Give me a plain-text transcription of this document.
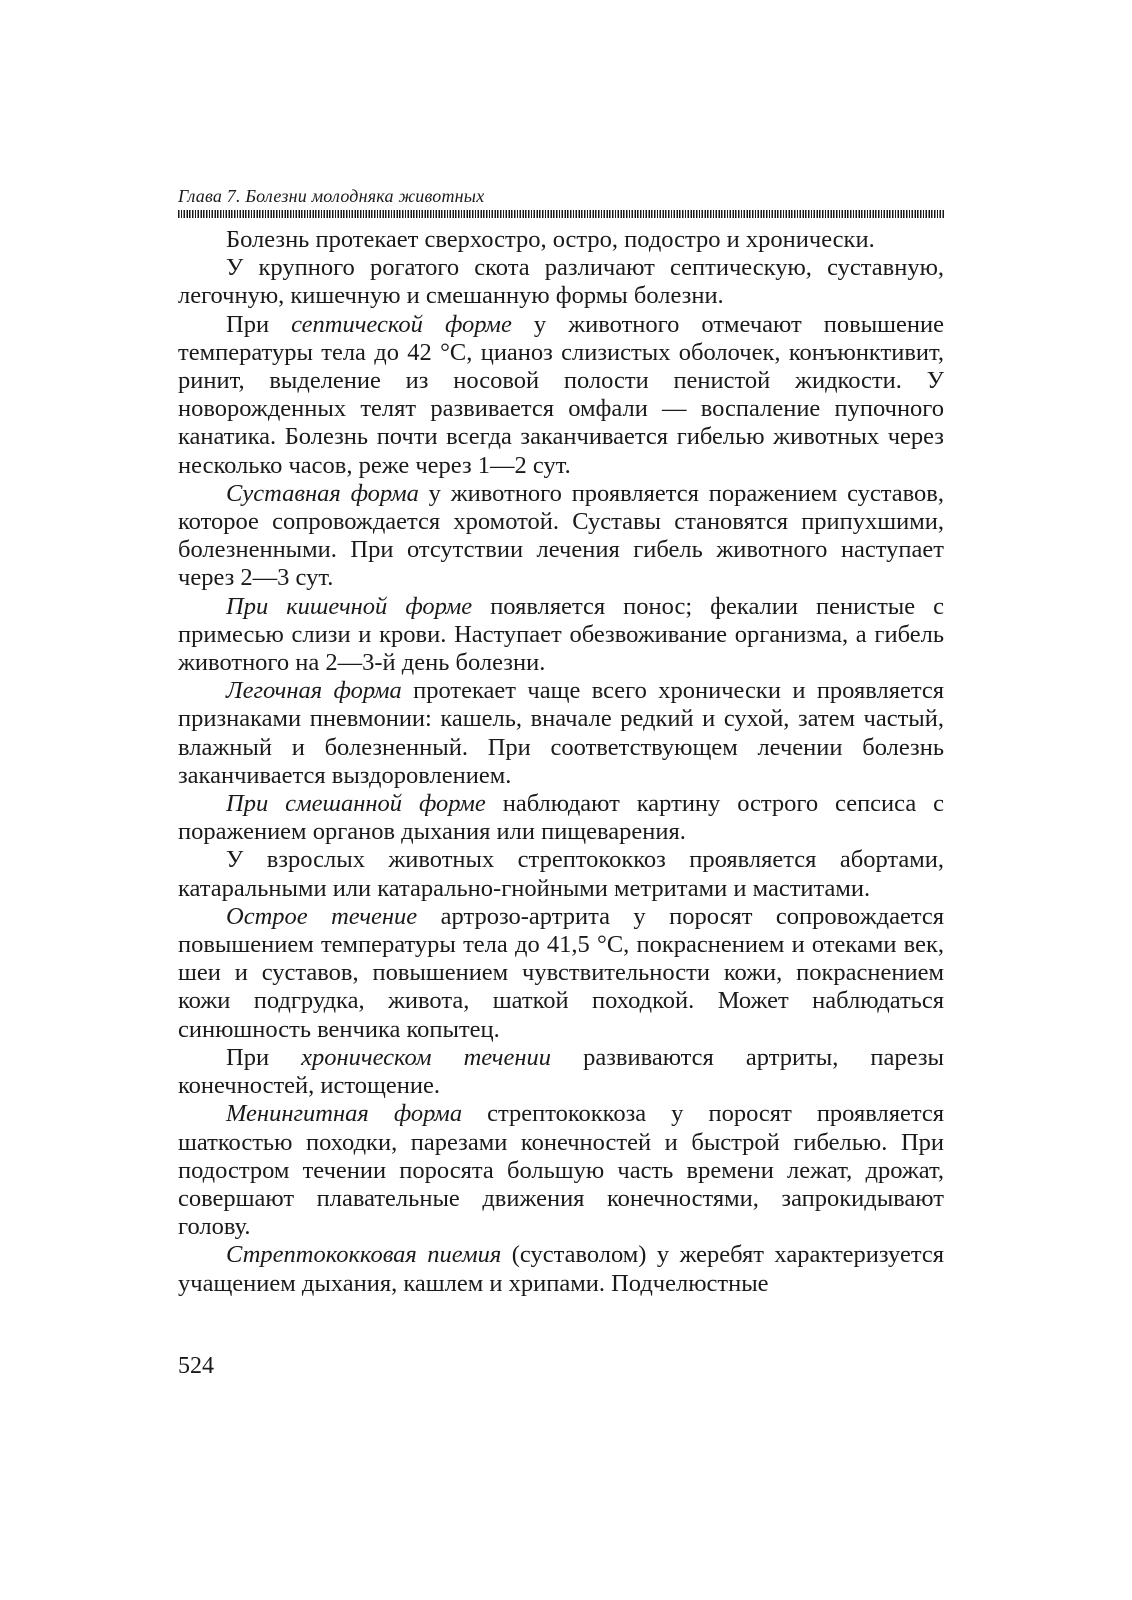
Глава 7. Болезни молодняка животных

Болезнь протекает сверхостро, остро, подостро и хронически.

У крупного рогатого скота различают септическую, суставную, легочную, кишечную и смешанную формы болезни.

При септической форме у животного отмечают повышение температуры тела до 42 °С, цианоз слизистых оболочек, конъюнктивит, ринит, выделение из носовой полости пенистой жидкости. У новорожденных телят развивается омфали — воспаление пупочного канатика. Болезнь почти всегда заканчивается гибелью животных через несколько часов, реже через 1—2 сут.

Суставная форма у животного проявляется поражением суставов, которое сопровождается хромотой. Суставы становятся припухшими, болезненными. При отсутствии лечения гибель животного наступает через 2—3 сут.

При кишечной форме появляется понос; фекалии пенистые с примесью слизи и крови. Наступает обезвоживание организма, а гибель животного на 2—3-й день болезни.

Легочная форма протекает чаще всего хронически и проявляется признаками пневмонии: кашель, вначале редкий и сухой, затем частый, влажный и болезненный. При соответствующем лечении болезнь заканчивается выздоровлением.

При смешанной форме наблюдают картину острого сепсиса с поражением органов дыхания или пищеварения.

У взрослых животных стрептококкоз проявляется абортами, катаральными или катарально-гнойными метритами и маститами.

Острое течение артрозо-артрита у поросят сопровождается повышением температуры тела до 41,5 °С, покраснением и отеками век, шеи и суставов, повышением чувствительности кожи, покраснением кожи подгрудка, живота, шаткой походкой. Может наблюдаться синюшность венчика копытец.

При хроническом течении развиваются артриты, парезы конечностей, истощение.

Менингитная форма стрептококкоза у поросят проявляется шаткостью походки, парезами конечностей и быстрой гибелью. При подостром течении поросята большую часть времени лежат, дрожат, совершают плавательные движения конечностями, запрокидывают голову.

Стрептококковая пиемия (суставолом) у жеребят характеризуется учащением дыхания, кашлем и хрипами. Подчелюстные

524
